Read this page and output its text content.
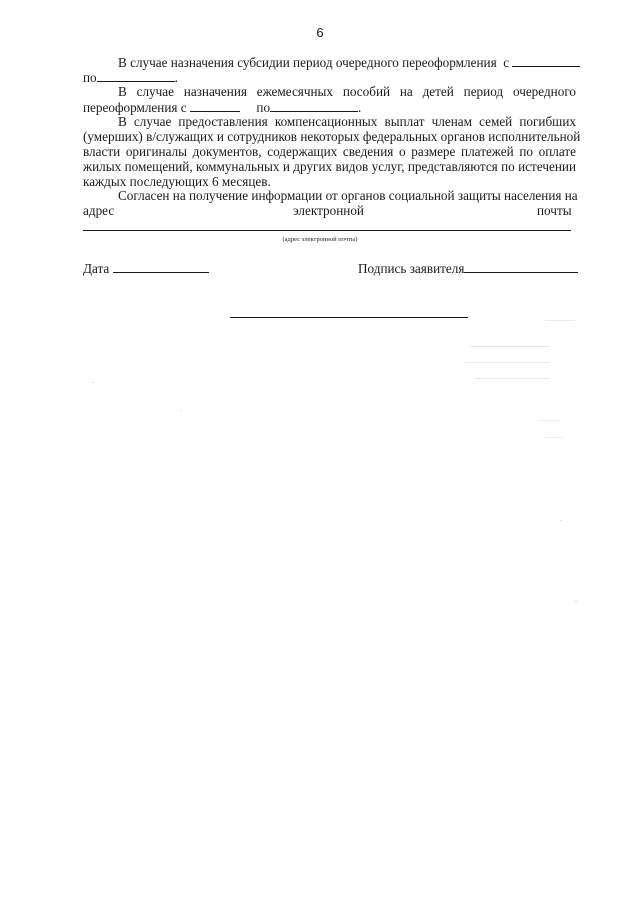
6
В случае назначения субсидии период очередного переоформления с
по	.
В случае назначения ежемесячных пособий на детей период очередного
переоформления с	по	.
В случае предоставления компенсационных выплат членам семей погибших
(умерших) в/служащих и сотрудников некоторых федеральных органов исполнительной
власти оригиналы документов, содержащих сведения о размере платежей по оплате
жилых помещений, коммунальных и других видов услуг, представляются по истечении
каждых последующих 6 месяцев.
Согласен на получение информации от органов социальной защиты населения на
адрес	электронной	почты
(адрес электронной почты)
Дата	Подпись заявителя
